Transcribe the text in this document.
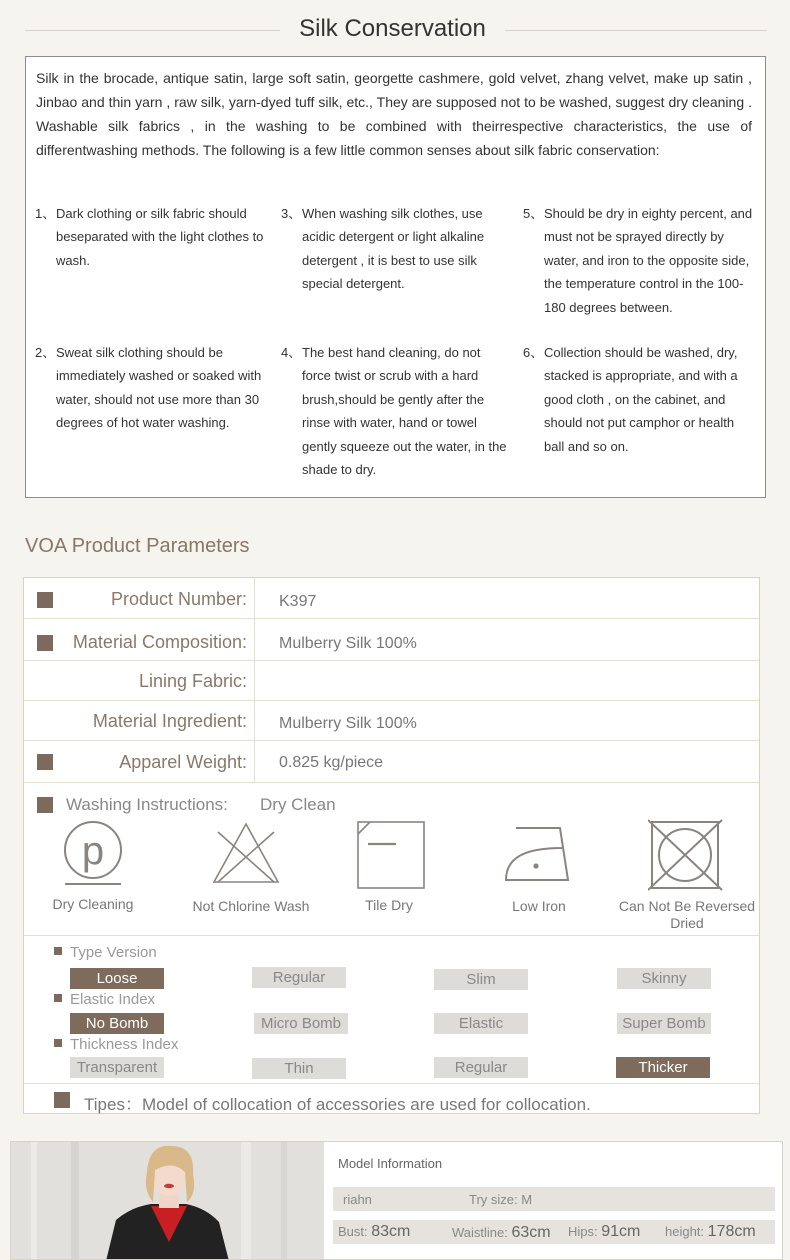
Silk Conservation

Silk in the brocade, antique satin, large soft satin, georgette cashmere, gold velvet, zhang velvet, make up satin , Jinbao and thin yarn , raw silk, yarn-dyed tuff silk, etc., They are supposed not to be washed, suggest dry cleaning . Washable silk fabrics , in the washing to be combined with theirrespective characteristics, the use of differentwashing methods. The following is a few little common senses about silk fabric conservation:

1、 Dark clothing or silk fabric should beseparated with the light clothes to wash.
2、 Sweat silk clothing should be immediately washed or soaked with water, should not use more than 30 degrees of hot water washing.
3、 When washing silk clothes, use acidic detergent or light alkaline detergent , it is best to use silk special detergent.
4、 The best hand cleaning, do not force twist or scrub with a hard brush,should be gently after the rinse with water, hand or towel gently squeeze out the water, in the shade to dry.
5、 Should be dry in eighty percent, and must not be sprayed directly by water, and iron to the opposite side, the temperature control in the 100-180 degrees between.
6、 Collection should be washed, dry, stacked is appropriate, and with a good cloth , on the cabinet, and should not put camphor or health ball and so on.
VOA Product Parameters
Product Number: K397
Material Composition: Mulberry Silk 100%
Lining Fabric:
Material Ingredient: Mulberry Silk 100%
Apparel Weight: 0.825 kg/piece
Washing Instructions: Dry Clean
p
Dry Cleaning	Not Chlorine Wash	Tile Dry	Low Iron	Can Not Be Reversed Dried
Type Version
Loose	Regular	Slim	Skinny
Elastic Index
No Bomb	Micro Bomb	Elastic	Super Bomb
Thickness Index
Transparent	Thin	Regular	Thicker
Tipes：Model of collocation of accessories are used for collocation.
Model Information
riahn	Try size: M
Bust: 83cm	Waistline: 63cm Hips: 91cm height: 178cm
